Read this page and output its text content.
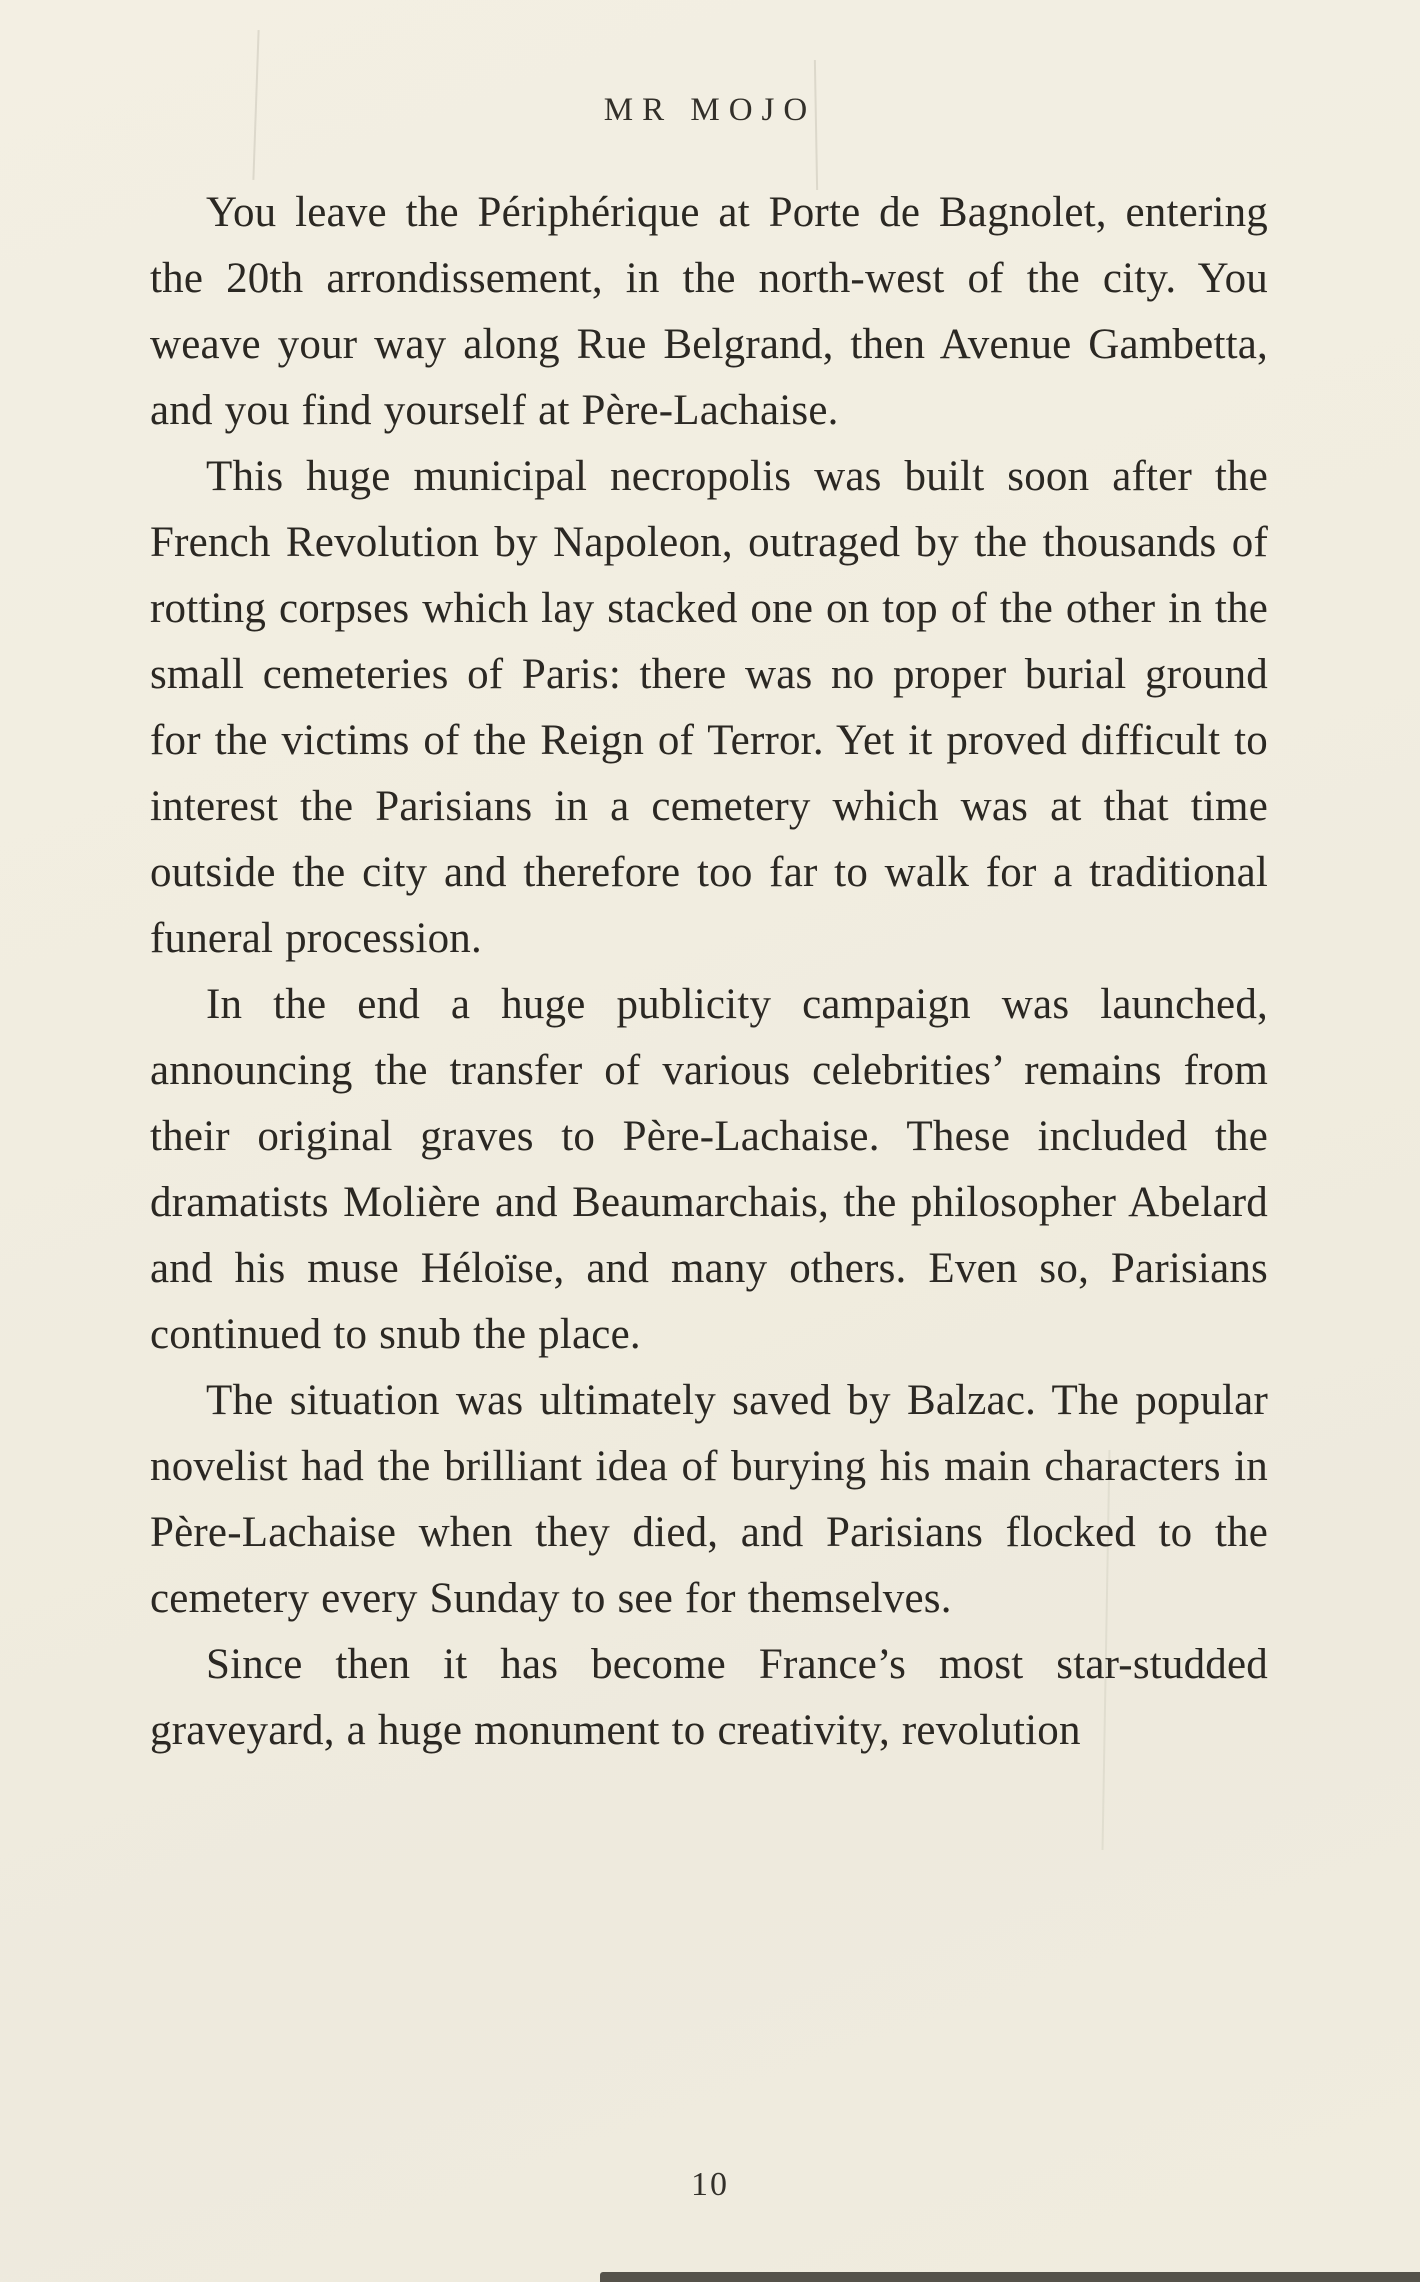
MR MOJO

You leave the Périphérique at Porte de Bagnolet, entering the 20th arrondissement, in the north-west of the city. You weave your way along Rue Belgrand, then Avenue Gambetta, and you find yourself at Père-Lachaise.

This huge municipal necropolis was built soon after the French Revolution by Napoleon, outraged by the thousands of rotting corpses which lay stacked one on top of the other in the small cemeteries of Paris: there was no proper burial ground for the victims of the Reign of Terror. Yet it proved difficult to interest the Parisians in a cemetery which was at that time outside the city and therefore too far to walk for a traditional funeral procession.

In the end a huge publicity campaign was launched, announcing the transfer of various celebrities’ remains from their original graves to Père-Lachaise. These included the dramatists Molière and Beaumarchais, the philosopher Abelard and his muse Héloïse, and many others. Even so, Parisians continued to snub the place.

The situation was ultimately saved by Balzac. The popular novelist had the brilliant idea of burying his main characters in Père-Lachaise when they died, and Parisians flocked to the cemetery every Sunday to see for themselves.

Since then it has become France’s most star-studded graveyard, a huge monument to creativity, revolution

10
